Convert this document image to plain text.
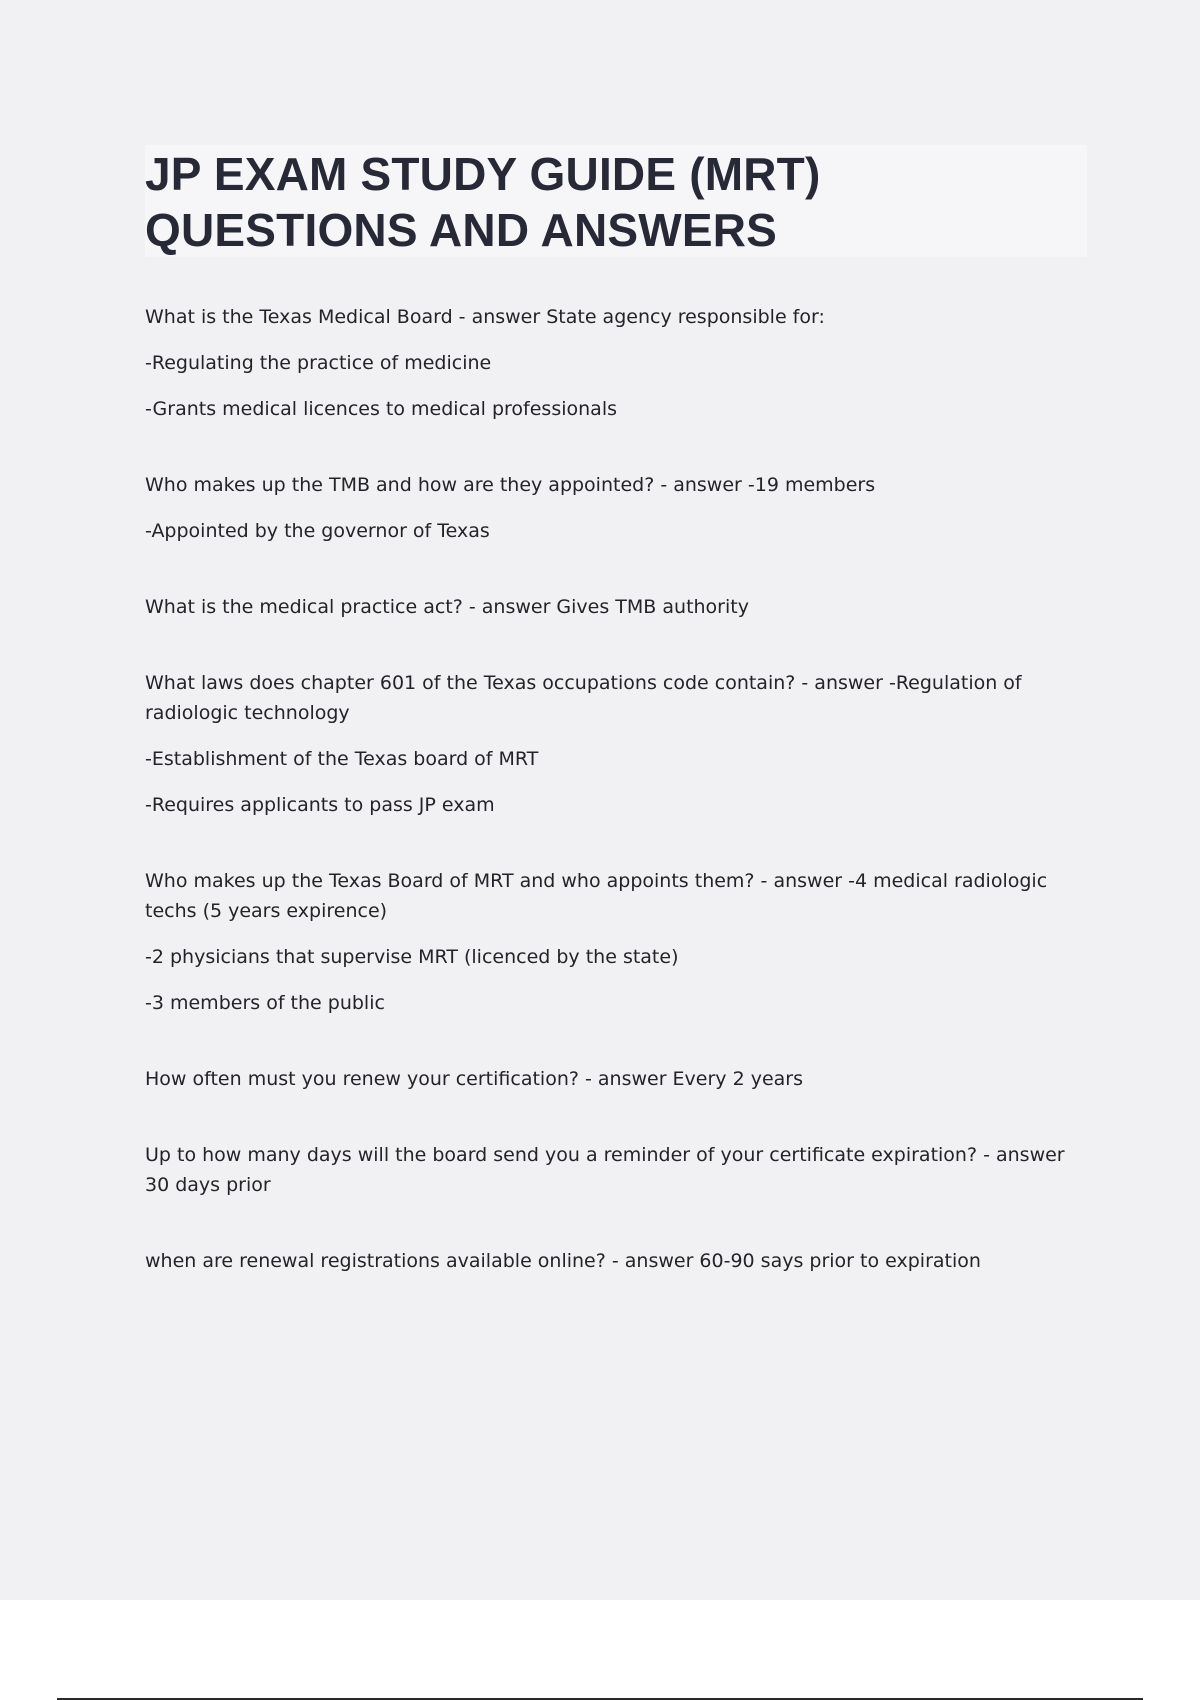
JP EXAM STUDY GUIDE (MRT)
QUESTIONS AND ANSWERS

What is the Texas Medical Board - answer State agency responsible for:

-Regulating the practice of medicine

-Grants medical licences to medical professionals

Who makes up the TMB and how are they appointed? - answer -19 members

-Appointed by the governor of Texas

What is the medical practice act? - answer Gives TMB authority

What laws does chapter 601 of the Texas occupations code contain? - answer -Regulation of radiologic technology

-Establishment of the Texas board of MRT

-Requires applicants to pass JP exam

Who makes up the Texas Board of MRT and who appoints them? - answer -4 medical radiologic techs (5 years expirence)

-2 physicians that supervise MRT (licenced by the state)

-3 members of the public

How often must you renew your certification? - answer Every 2 years

Up to how many days will the board send you a reminder of your certificate expiration? - answer 30 days prior

when are renewal registrations available online? - answer 60-90 says prior to expiration
